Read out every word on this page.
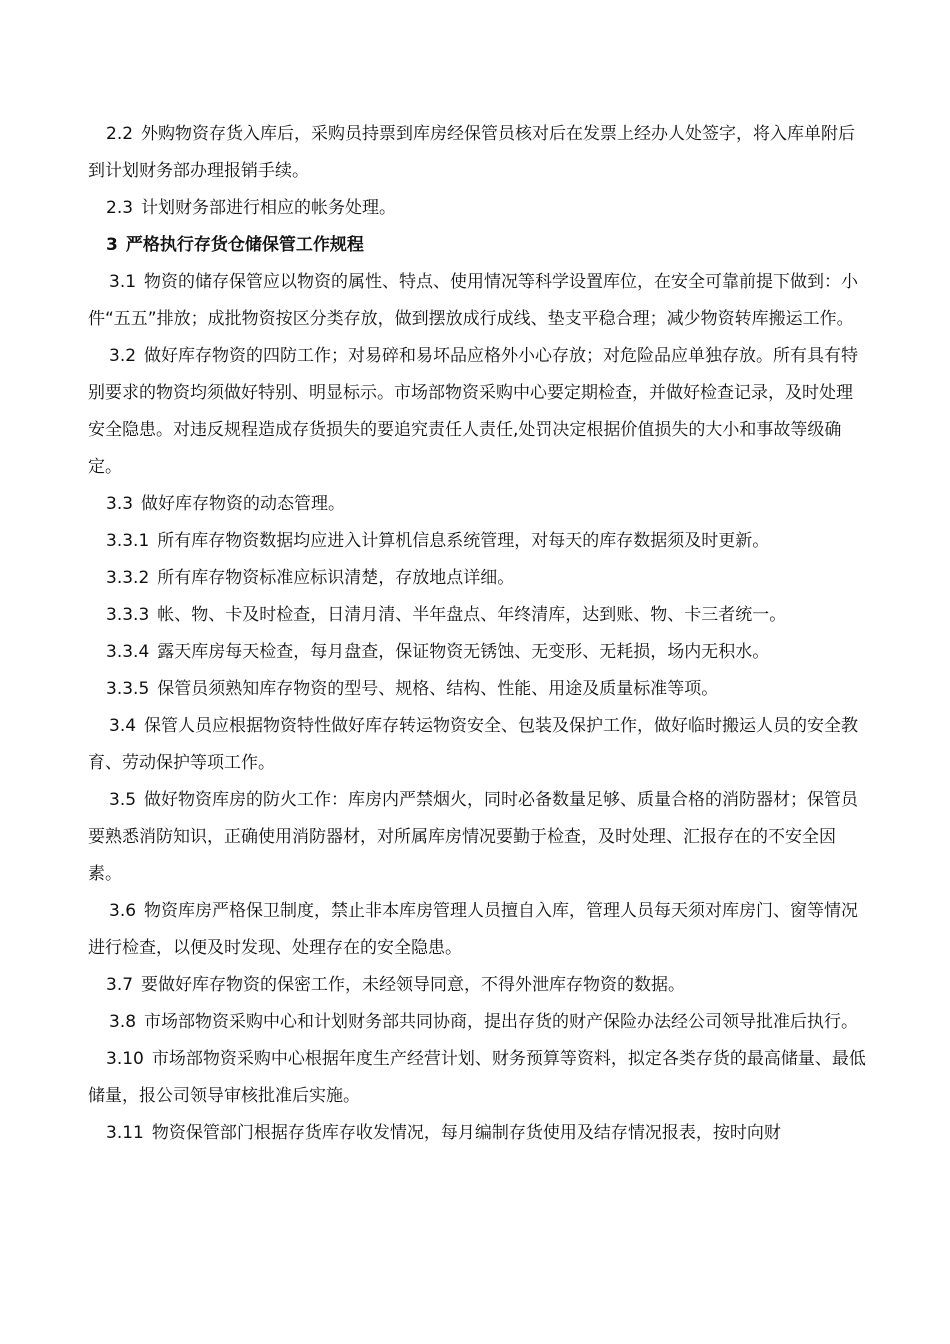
2.2 外购物资存货入库后，采购员持票到库房经保管员核对后在发票上经办人处签字，将入库单附后到计划财务部办理报销手续。

2.3 计划财务部进行相应的帐务处理。

3 严格执行存货仓储保管工作规程

3.1 物资的储存保管应以物资的属性、特点、使用情况等科学设置库位，在安全可靠前提下做到：小件“五五”排放；成批物资按区分类存放，做到摆放成行成线、垫支平稳合理；减少物资转库搬运工作。

3.2 做好库存物资的四防工作；对易碎和易坏品应格外小心存放；对危险品应单独存放。所有具有特别要求的物资均须做好特别、明显标示。市场部物资采购中心要定期检查，并做好检查记录，及时处理安全隐患。对违反规程造成存货损失的要追究责任人责任,处罚决定根据价值损失的大小和事故等级确定。

3.3 做好库存物资的动态管理。

3.3.1 所有库存物资数据均应进入计算机信息系统管理，对每天的库存数据须及时更新。

3.3.2 所有库存物资标准应标识清楚，存放地点详细。

3.3.3 帐、物、卡及时检查，日清月清、半年盘点、年终清库，达到账、物、卡三者统一。

3.3.4 露天库房每天检查，每月盘查，保证物资无锈蚀、无变形、无耗损，场内无积水。

3.3.5 保管员须熟知库存物资的型号、规格、结构、性能、用途及质量标准等项。

3.4 保管人员应根据物资特性做好库存转运物资安全、包装及保护工作，做好临时搬运人员的安全教育、劳动保护等项工作。

3.5 做好物资库房的防火工作：库房内严禁烟火，同时必备数量足够、质量合格的消防器材；保管员要熟悉消防知识，正确使用消防器材，对所属库房情况要勤于检查，及时处理、汇报存在的不安全因素。

3.6 物资库房严格保卫制度，禁止非本库房管理人员擅自入库，管理人员每天须对库房门、窗等情况进行检查，以便及时发现、处理存在的安全隐患。

3.7 要做好库存物资的保密工作，未经领导同意，不得外泄库存物资的数据。

3.8 市场部物资采购中心和计划财务部共同协商，提出存货的财产保险办法经公司领导批准后执行。

3.10 市场部物资采购中心根据年度生产经营计划、财务预算等资料，拟定各类存货的最高储量、最低储量，报公司领导审核批准后实施。

3.11 物资保管部门根据存货库存收发情况，每月编制存货使用及结存情况报表，按时向财
